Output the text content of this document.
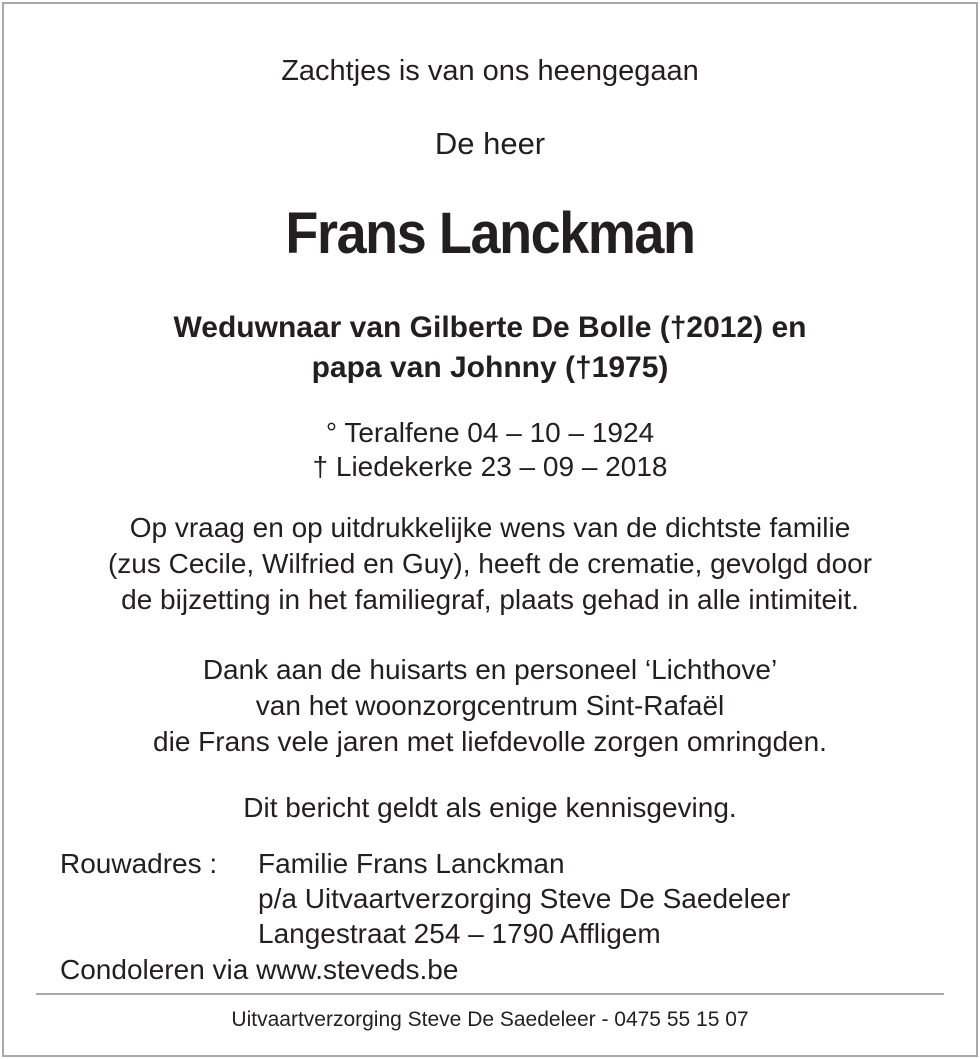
Zachtjes is van ons heengegaan
De heer
Frans Lanckman
Weduwnaar van Gilberte De Bolle (†2012) en
papa van Johnny (†1975)
° Teralfene 04 – 10 – 1924
† Liedekerke 23 – 09 – 2018
Op vraag en op uitdrukkelijke wens van de dichtste familie
(zus Cecile, Wilfried en Guy), heeft de crematie, gevolgd door
de bijzetting in het familiegraf, plaats gehad in alle intimiteit.
Dank aan de huisarts en personeel ‘Lichthove’
van het woonzorgcentrum Sint-Rafaël
die Frans vele jaren met liefdevolle zorgen omringden.
Dit bericht geldt als enige kennisgeving.
Rouwadres :	Familie Frans Lanckman
p/a Uitvaartverzorging Steve De Saedeleer
Langestraat 254 – 1790 Affligem
Condoleren via www.steveds.be
Uitvaartverzorging Steve De Saedeleer - 0475 55 15 07
